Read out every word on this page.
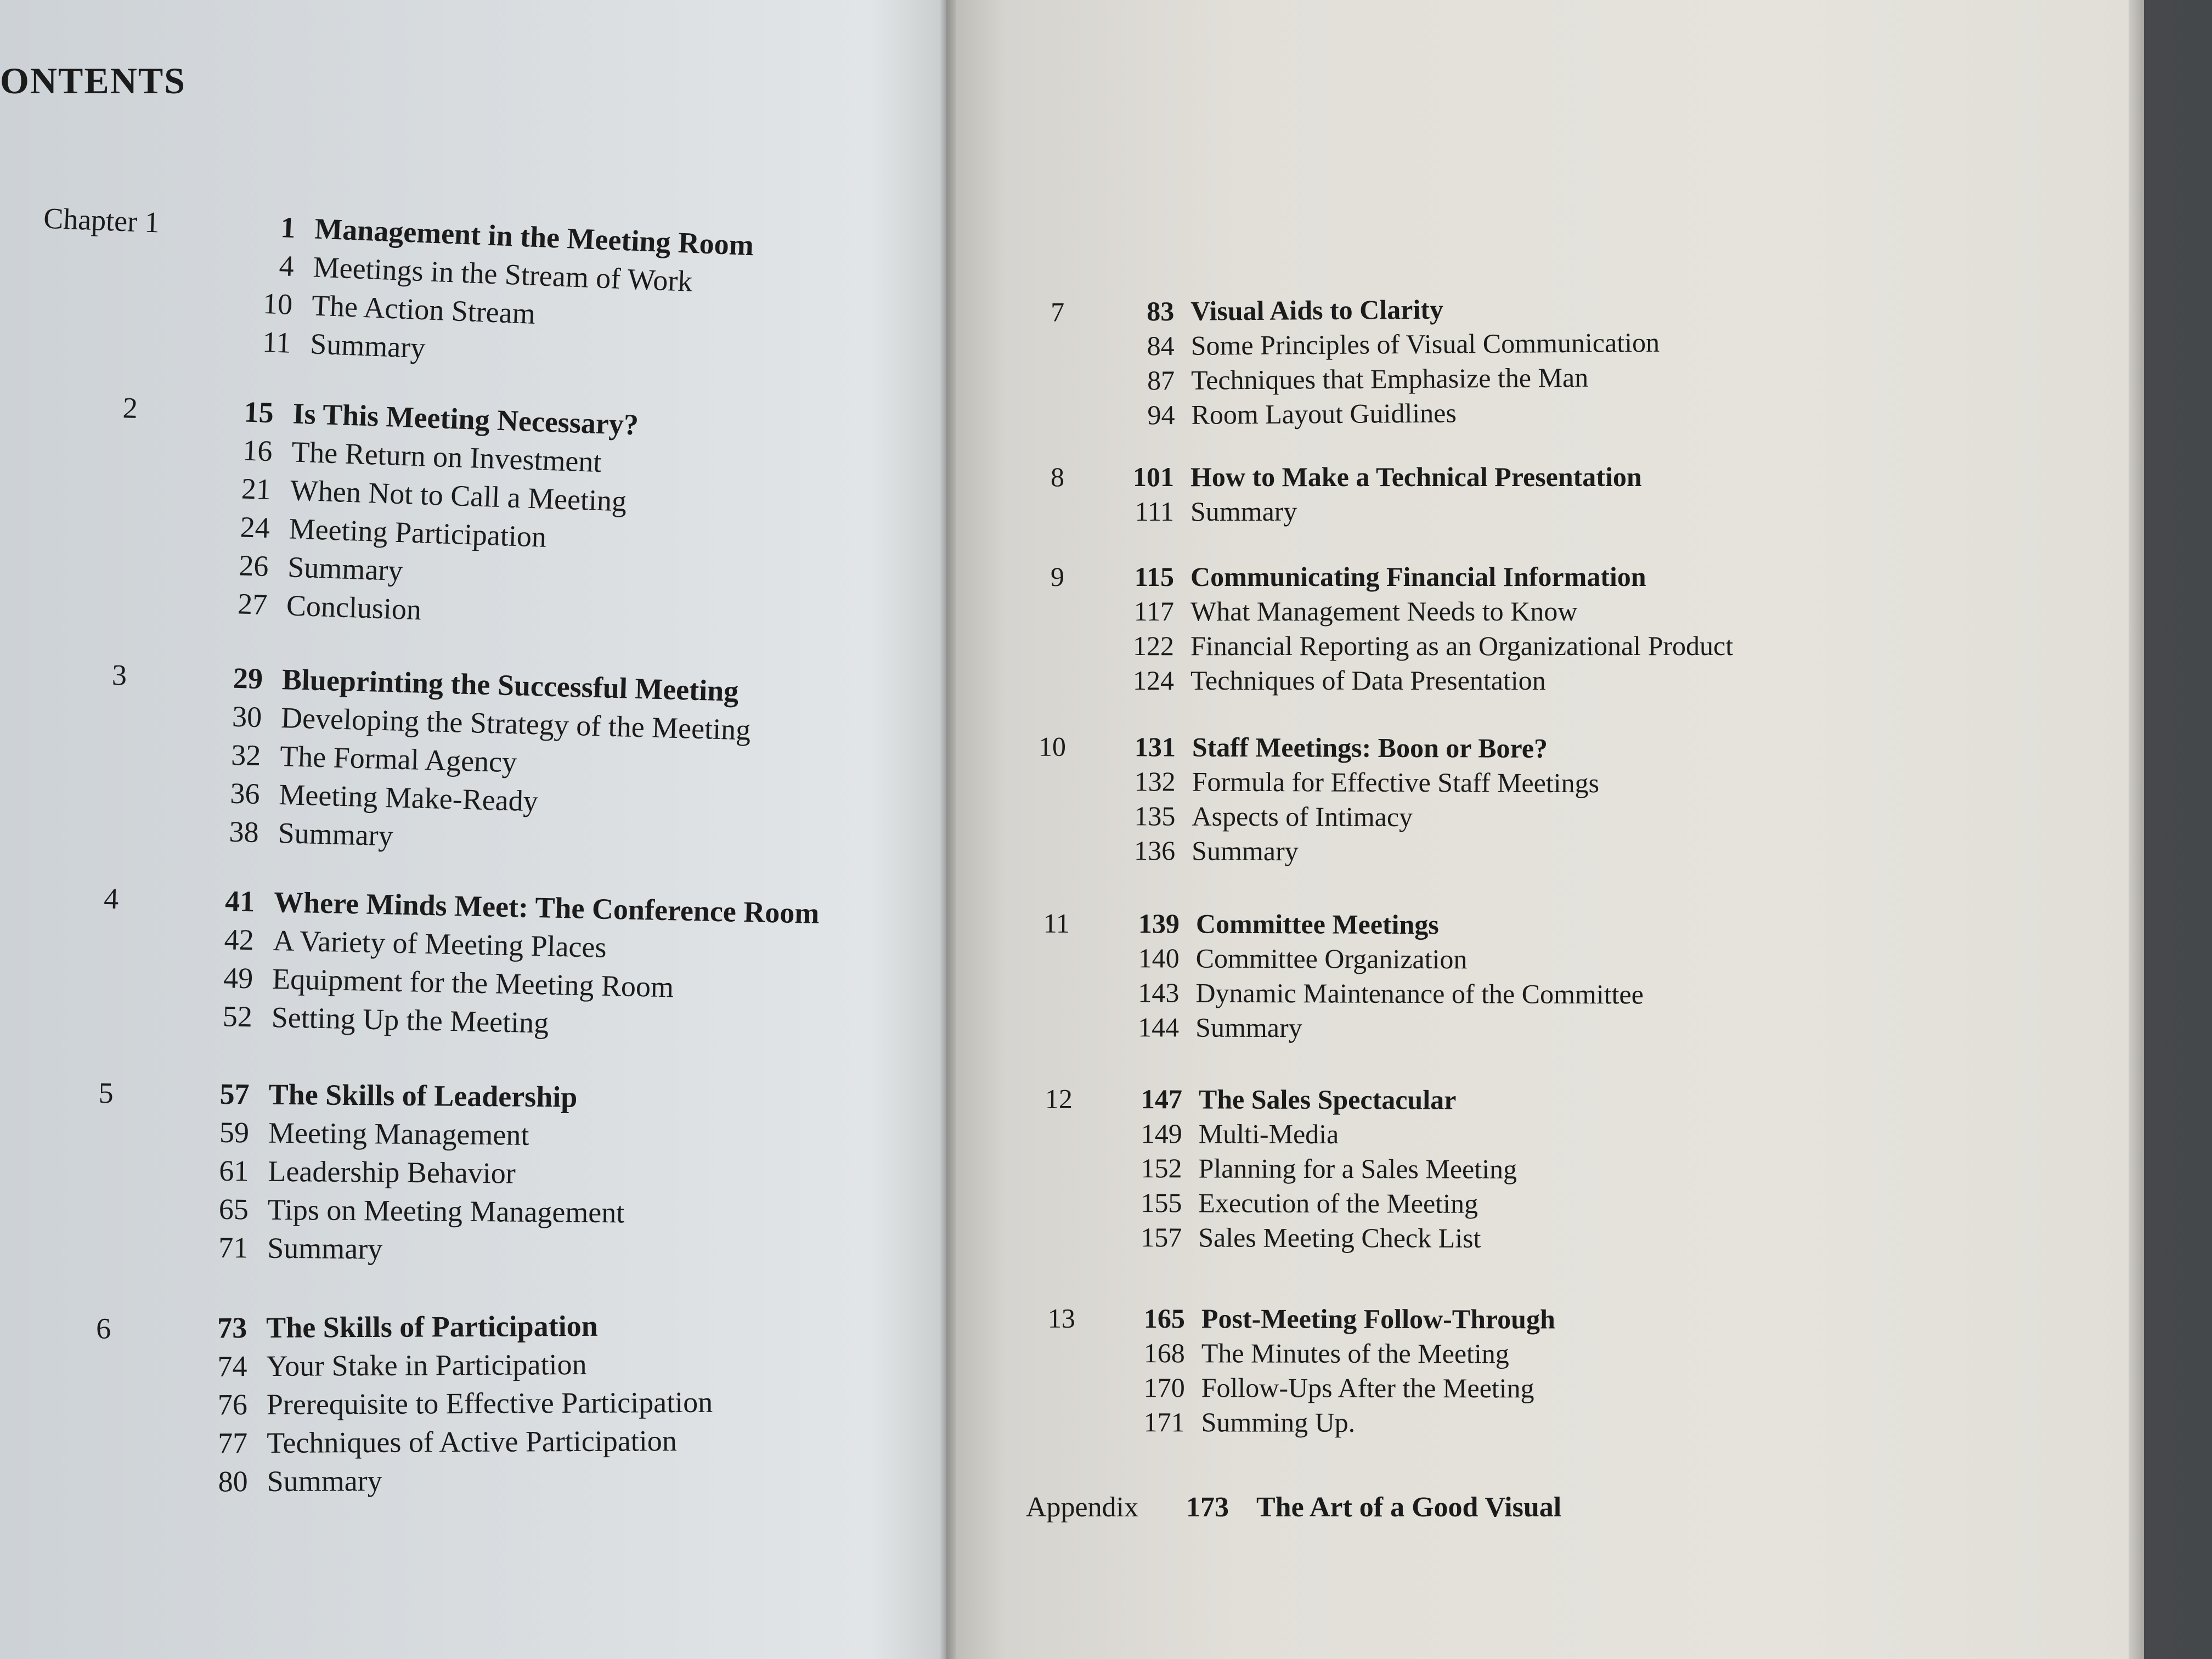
ONTENTS
Chapter 1	1 Management in the Meeting Room
4 Meetings in the Stream of Work
10 The Action Stream
11 Summary
2	15 Is This Meeting Necessary?
16 The Return on Investment
21 When Not to Call a Meeting
24 Meeting Participation
26 Summary
27 Conclusion
3	29 Blueprinting the Successful Meeting
30 Developing the Strategy of the Meeting
32 The Formal Agency
36 Meeting Make-Ready
38 Summary
4	41 Where Minds Meet: The Conference Room
42 A Variety of Meeting Places
49 Equipment for the Meeting Room
52 Setting Up the Meeting
5	57 The Skills of Leadership
59 Meeting Management
61 Leadership Behavior
65 Tips on Meeting Management
71 Summary
6	73 The Skills of Participation
74 Your Stake in Participation
76 Prerequisite to Effective Participation
77 Techniques of Active Participation
80 Summary
7	83 Visual Aids to Clarity
84 Some Principles of Visual Communication
87 Techniques that Emphasize the Man
94 Room Layout Guidlines
8	101 How to Make a Technical Presentation
111 Summary
9	115 Communicating Financial Information
117 What Management Needs to Know
122 Financial Reporting as an Organizational Product
124 Techniques of Data Presentation
10	131 Staff Meetings: Boon or Bore?
132 Formula for Effective Staff Meetings
135 Aspects of Intimacy
136 Summary
11	139 Committee Meetings
140 Committee Organization
143 Dynamic Maintenance of the Committee
144 Summary
12	147 The Sales Spectacular
149 Multi-Media
152 Planning for a Sales Meeting
155 Execution of the Meeting
157 Sales Meeting Check List
13	165 Post-Meeting Follow-Through
168 The Minutes of the Meeting
170 Follow-Ups After the Meeting
171 Summing Up.
Appendix	173 The Art of a Good Visual
